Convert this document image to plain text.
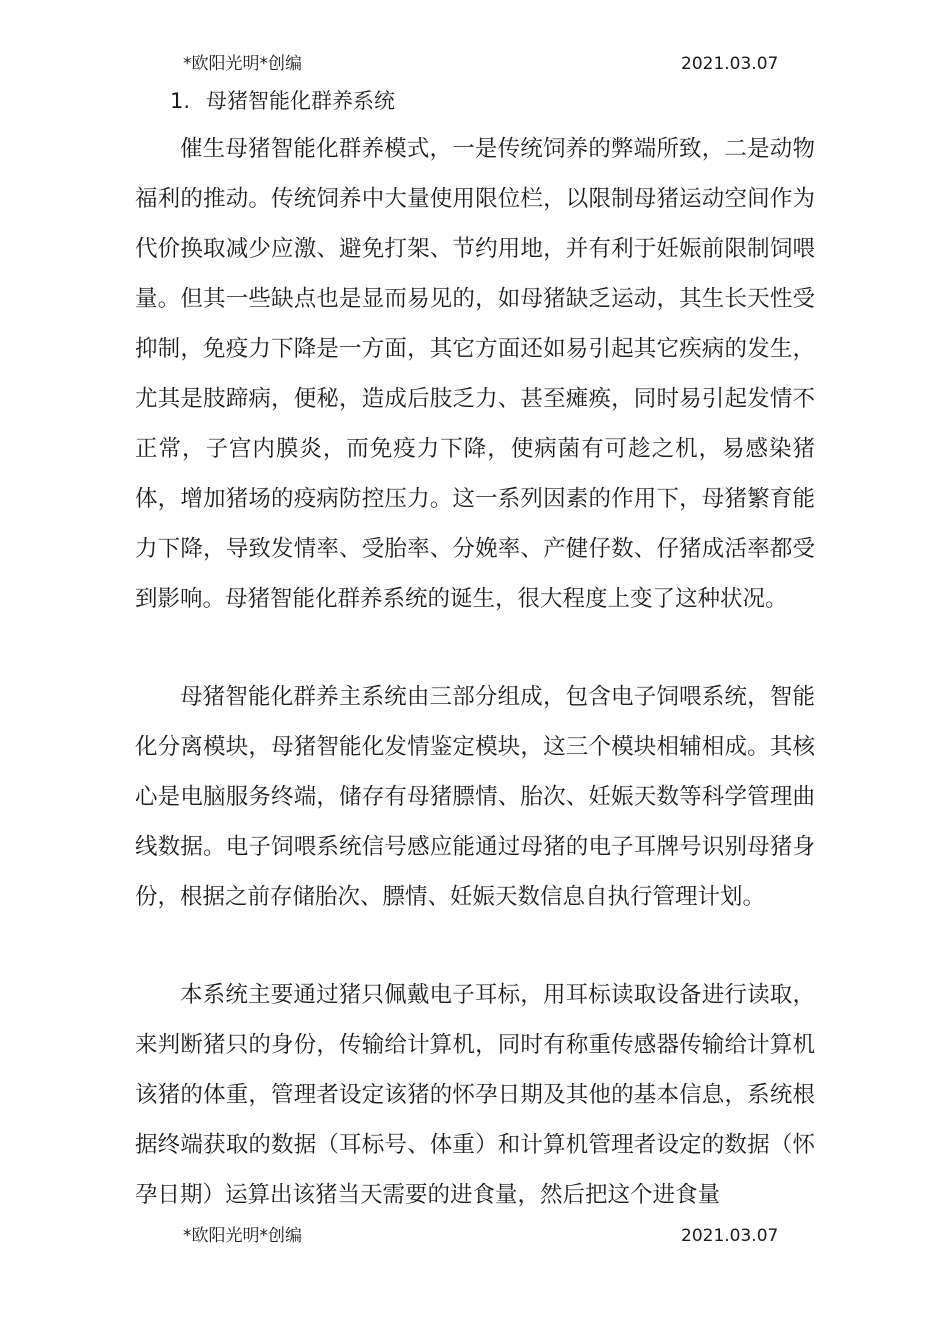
*欧阳光明*创编	2021.03.07
1. 母猪智能化群养系统

催生母猪智能化群养模式，一是传统饲养的弊端所致，二是动物福利的推动。传统饲养中大量使用限位栏，以限制母猪运动空间作为代价换取减少应激、避免打架、节约用地，并有利于妊娠前限制饲喂量。但其一些缺点也是显而易见的，如母猪缺乏运动，其生长天性受抑制，免疫力下降是一方面，其它方面还如易引起其它疾病的发生，尤其是肢蹄病，便秘，造成后肢乏力、甚至瘫痪，同时易引起发情不正常，子宫内膜炎，而免疫力下降，使病菌有可趁之机，易感染猪体，增加猪场的疫病防控压力。这一系列因素的作用下，母猪繁育能力下降，导致发情率、受胎率、分娩率、产健仔数、仔猪成活率都受到影响。母猪智能化群养系统的诞生，很大程度上变了这种状况。

母猪智能化群养主系统由三部分组成，包含电子饲喂系统，智能化分离模块，母猪智能化发情鉴定模块，这三个模块相辅相成。其核心是电脑服务终端，储存有母猪膘情、胎次、妊娠天数等科学管理曲线数据。电子饲喂系统信号感应能通过母猪的电子耳牌号识别母猪身份，根据之前存储胎次、膘情、妊娠天数信息自执行管理计划。

本系统主要通过猪只佩戴电子耳标，用耳标读取设备进行读取，来判断猪只的身份，传输给计算机，同时有称重传感器传输给计算机该猪的体重，管理者设定该猪的怀孕日期及其他的基本信息，系统根据终端获取的数据（耳标号、体重）和计算机管理者设定的数据（怀孕日期）运算出该猪当天需要的进食量，然后把这个进食量

*欧阳光明*创编	2021.03.07
